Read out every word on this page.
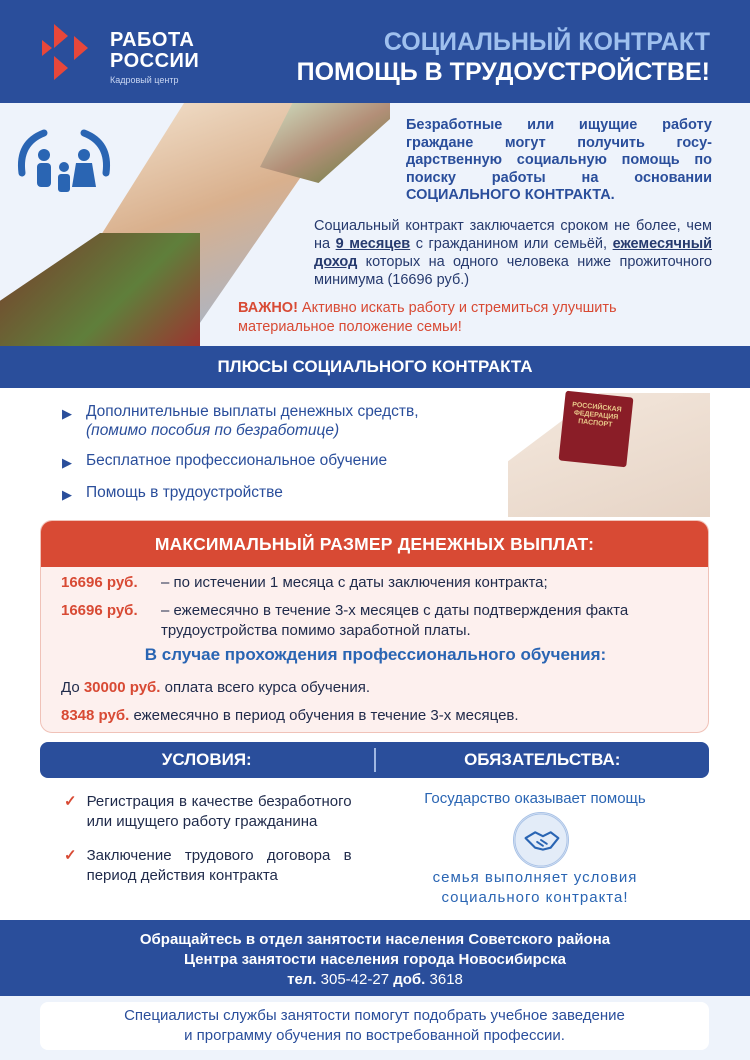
РАБОТА
РОССИИ
Кадровый центр
СОЦИАЛЬНЫЙ КОНТРАКТ
ПОМОЩЬ В ТРУДОУСТРОЙСТВЕ!
Безработные или ищущие работу граждане могут получить госу-дарственную социальную помощь по поиску работы на основании СОЦИАЛЬНОГО КОНТРАКТА.
Социальный контракт заключается сроком не более, чем на 9 месяцев с гражданином или семьёй, ежемесячный доход которых на одного человека ниже прожиточного минимума (16696 руб.)
ВАЖНО! Активно искать работу и стремиться улучшить материальное положение семьи!
ПЛЮСЫ СОЦИАЛЬНОГО КОНТРАКТА
▶ Дополнительные выплаты денежных средств,
(помимо пособия по безработице)
▶ Бесплатное профессиональное обучение
▶ Помощь в трудоустройстве
РОССИЙСКАЯ ФЕДЕРАЦИЯ ПАСПОРТ
МАКСИМАЛЬНЫЙ РАЗМЕР ДЕНЕЖНЫХ ВЫПЛАТ:
16696 руб.	– по истечении 1 месяца с даты заключения контракта;
16696 руб.	– ежемесячно в течение 3-х месяцев с даты подтверждения факта трудоустройства помимо заработной платы.
В случае прохождения профессионального обучения:
До 30000 руб. оплата всего курса обучения.
8348 руб. ежемесячно в период обучения в течение 3-х месяцев.
УСЛОВИЯ:	ОБЯЗАТЕЛЬСТВА:
✓ Регистрация в качестве безработного или ищущего работу гражданина
✓ Заключение трудового договора в период действия контракта
Государство оказывает помощь
семья выполняет условия социального контракта!
Обращайтесь в отдел занятости населения Советского района
Центра занятости населения города Новосибирска
тел. 305-42-27 доб. 3618
Специалисты службы занятости помогут подобрать учебное заведение
и программу обучения по востребованной профессии.
